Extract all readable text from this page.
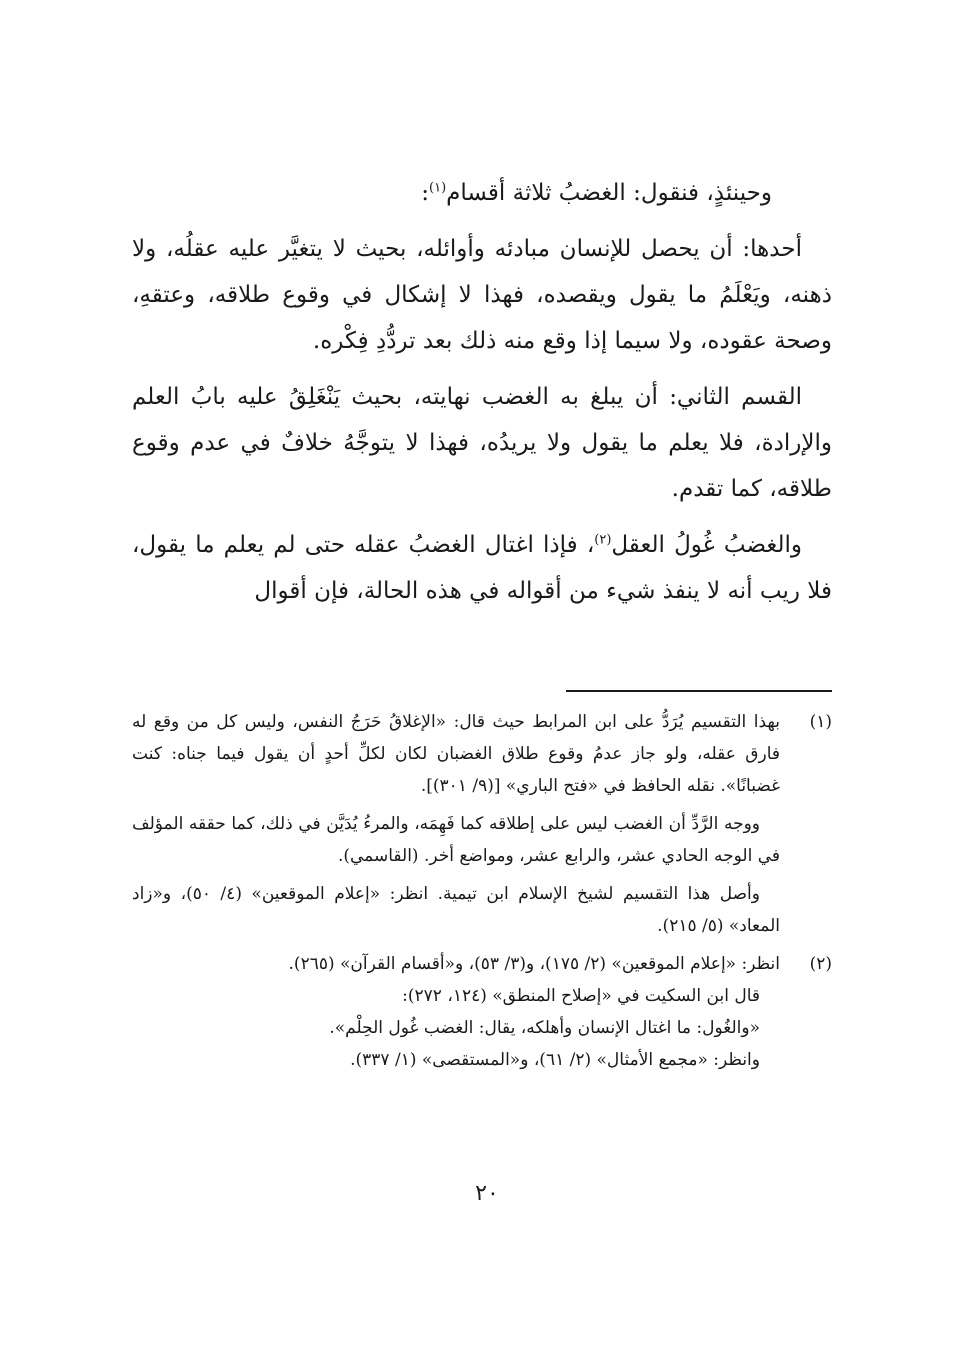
وحينئذٍ، فنقول: الغضبُ ثلاثة أقسام$^{(١)}$:

أحدها: أن يحصل للإنسان مبادئه وأوائله، بحيث لا يتغيَّر عليه عقلُه، ولا ذهنه، ويَعْلَمُ ما يقول ويقصده، فهذا لا إشكال في وقوع طلاقه، وعتقهِ، وصحة عقوده، ولا سيما إذا وقع منه ذلك بعد تردُّدِ فِكْره.

القسم الثاني: أن يبلغ به الغضب نهايته، بحيث يَنْغَلِقُ عليه بابُ العلم والإرادة، فلا يعلم ما يقول ولا يريدُه، فهذا لا يتوجَّهُ خلافٌ في عدم وقوع طلاقه، كما تقدم.

والغضبُ غُولُ العقل$^{(٢)}$، فإذا اغتال الغضبُ عقله حتى لم يعلم ما يقول، فلا ريب أنه لا ينفذ شيء من أقواله في هذه الحالة، فإن أقوال

(١)

بهذا التقسيم يُرَدُّ على ابن المرابط حيث قال: «الإغلاقُ حَرَجُ النفس، وليس كل من وقع له فارق عقله، ولو جاز عدمُ وقوع طلاق الغضبان لكان لكلِّ أحدٍ أن يقول فيما جناه: كنت غضبانًا». نقله الحافظ في «فتح الباري» [(٩/ ٣٠١)].

ووجه الرَّدِّ أن الغضب ليس على إطلاقه كما فَهِمَه، والمرءُ يُدَيَّن في ذلك، كما حققه المؤلف في الوجه الحادي عشر، والرابع عشر، ومواضع أخر. (القاسمي).

وأصل هذا التقسيم لشيخ الإسلام ابن تيمية. انظر: «إعلام الموقعين» (٤/ ٥٠)، و«زاد المعاد» (٥/ ٢١٥).

(٢)

انظر: «إعلام الموقعين» (٢/ ١٧٥)، و(٣/ ٥٣)، و«أقسام القرآن» (٢٦٥).

قال ابن السكيت في «إصلاح المنطق» (١٢٤، ٢٧٢):

«والغُول: ما اغتال الإنسان وأهلكه، يقال: الغضب غُول الحِلْم».

وانظر: «مجمع الأمثال» (٢/ ٦١)، و«المستقصى» (١/ ٣٣٧).

٢٠
